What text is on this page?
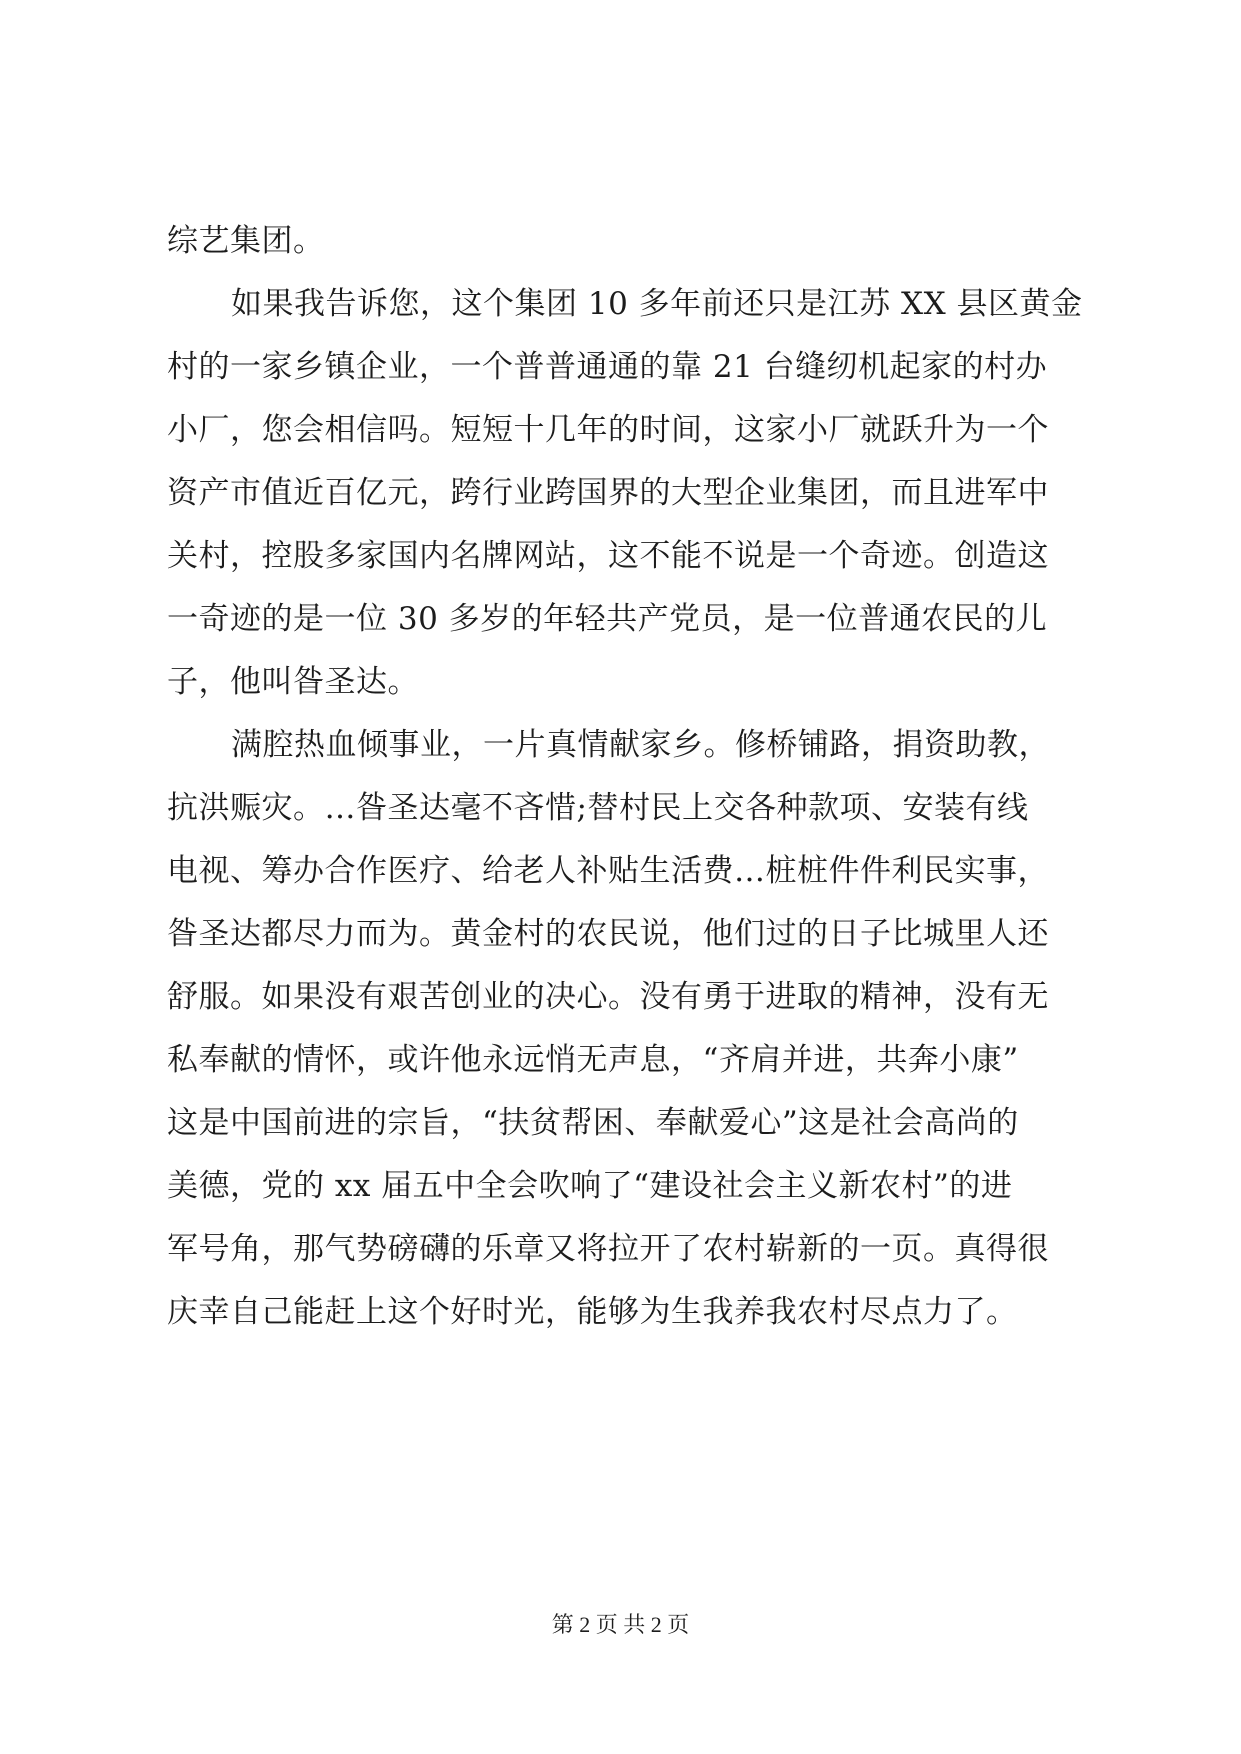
综艺集团。
如果我告诉您，这个集团 10 多年前还只是江苏 XX 县区黄金
村的一家乡镇企业，一个普普通通的靠 21 台缝纫机起家的村办
小厂，您会相信吗。短短十几年的时间，这家小厂就跃升为一个
资产市值近百亿元，跨行业跨国界的大型企业集团，而且进军中
关村，控股多家国内名牌网站，这不能不说是一个奇迹。创造这
一奇迹的是一位 30 多岁的年轻共产党员，是一位普通农民的儿
子，他叫昝圣达。
满腔热血倾事业，一片真情献家乡。修桥铺路，捐资助教，
抗洪赈灾。…昝圣达毫不吝惜;替村民上交各种款项、安装有线
电视、筹办合作医疗、给老人补贴生活费…桩桩件件利民实事，
昝圣达都尽力而为。黄金村的农民说，他们过的日子比城里人还
舒服。如果没有艰苦创业的决心。没有勇于进取的精神，没有无
私奉献的情怀，或许他永远悄无声息，“齐肩并进，共奔小康”
这是中国前进的宗旨，“扶贫帮困、奉献爱心”这是社会高尚的
美德，党的 xx 届五中全会吹响了“建设社会主义新农村”的进
军号角，那气势磅礴的乐章又将拉开了农村崭新的一页。真得很
庆幸自己能赶上这个好时光，能够为生我养我农村尽点力了。
第 2 页 共 2 页
